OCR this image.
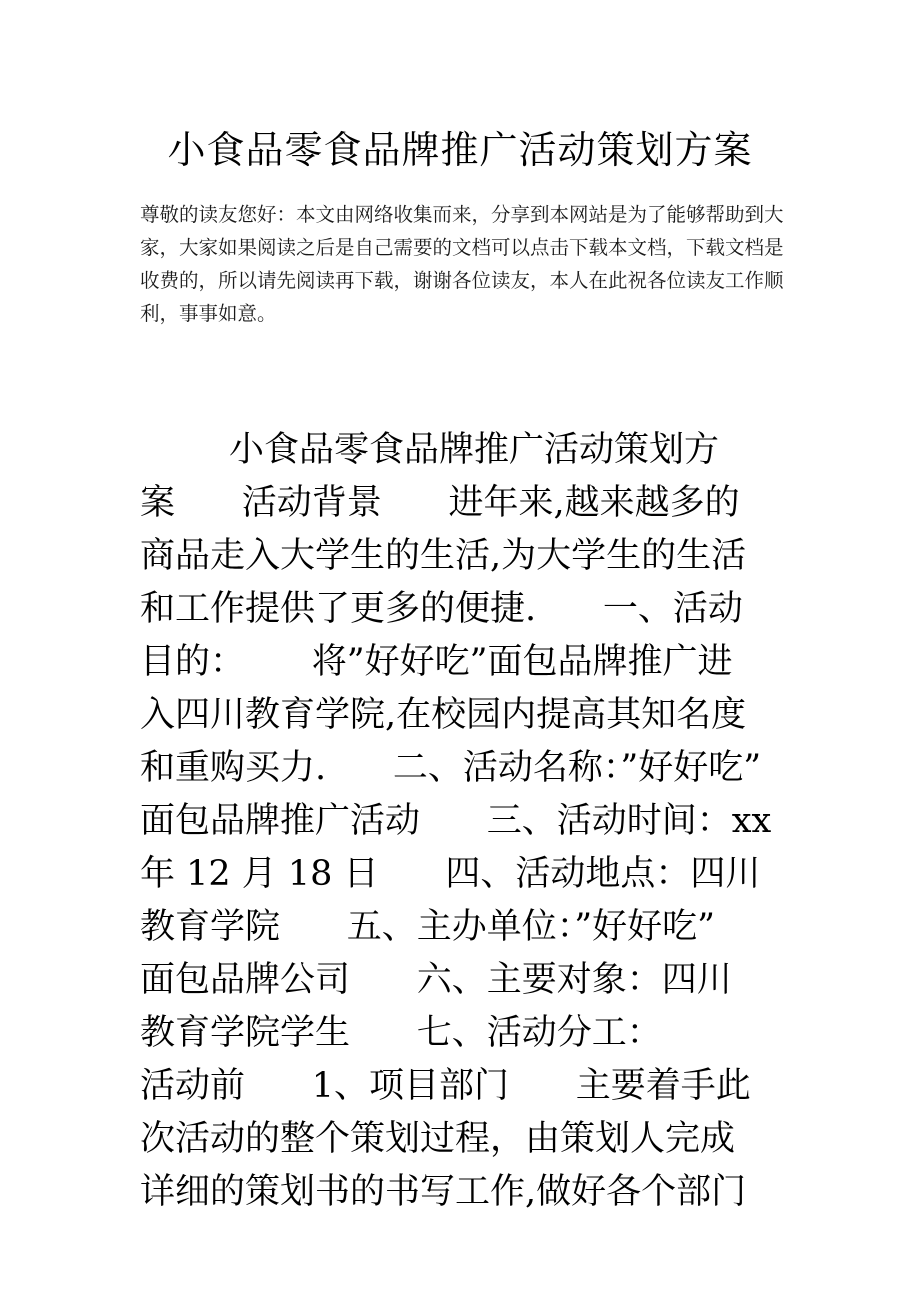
小食品零食品牌推广活动策划方案
尊敬的读友您好：本文由网络收集而来，分享到本网站是为了能够帮助到大
家，大家如果阅读之后是自己需要的文档可以点击下载本文档，下载文档是
收费的，所以请先阅读再下载，谢谢各位读友，本人在此祝各位读友工作顺
利，事事如意。
小食品零食品牌推广活动策划方
案      活动背景      进年来,越来越多的
商品走入大学生的生活,为大学生的生活
和工作提供了更多的便捷.      一、活动
目的：      将”好好吃”面包品牌推广进
入四川教育学院,在校园内提高其知名度
和重购买力.      二、活动名称：”好好吃”
面包品牌推广活动      三、活动时间：xx
年 12 月 18 日      四、活动地点：四川
教育学院      五、主办单位：”好好吃”
面包品牌公司      六、主要对象：四川
教育学院学生      七、活动分工：
活动前      1、项目部门      主要着手此
次活动的整个策划过程，由策划人完成
详细的策划书的书写工作,做好各个部门
